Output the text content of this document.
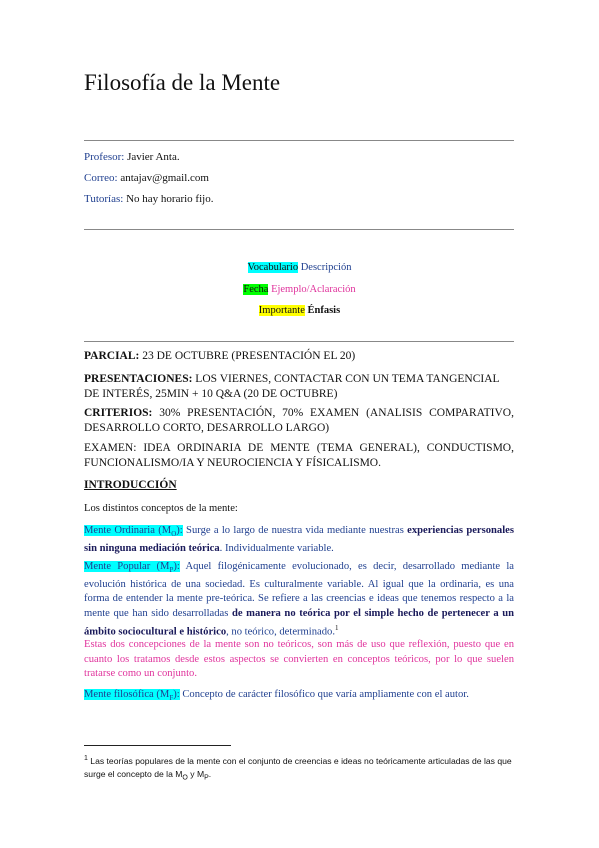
Filosofía de la Mente
Profesor: Javier Anta.
Correo: antajav@gmail.com
Tutorías: No hay horario fijo.
Vocabulario Descripción
Fecha Ejemplo/Aclaración
Importante Énfasis
PARCIAL: 23 DE OCTUBRE (PRESENTACIÓN EL 20)
PRESENTACIONES: LOS VIERNES, CONTACTAR CON UN TEMA TANGENCIAL DE INTERÉS, 25MIN + 10 Q&A (20 DE OCTUBRE)
CRITERIOS: 30% PRESENTACIÓN, 70% EXAMEN (ANALISIS COMPARATIVO, DESARROLLO CORTO, DESARROLLO LARGO)
EXAMEN: IDEA ORDINARIA DE MENTE (TEMA GENERAL), CONDUCTISMO, FUNCIONALISMO/IA Y NEUROCIENCIA Y FÍSICALISMO.
INTRODUCCIÓN
Los distintos conceptos de la mente:
Mente Ordinaria $(M_O)$: Surge a lo largo de nuestra vida mediante nuestras experiencias personales sin ninguna mediación teórica. Individualmente variable.
Mente Popular $(M_P)$: Aquel filogénicamente evolucionado, es decir, desarrollado mediante la evolución histórica de una sociedad. Es culturalmente variable. Al igual que la ordinaria, es una forma de entender la mente pre-teórica. Se refiere a las creencias e ideas que tenemos respecto a la mente que han sido desarrolladas de manera no teórica por el simple hecho de pertenecer a un ámbito sociocultural e histórico, no teórico, determinado.$^1$
Estas dos concepciones de la mente son no teóricos, son más de uso que reflexión, puesto que en cuanto los tratamos desde estos aspectos se convierten en conceptos teóricos, por lo que suelen tratarse como un conjunto.
Mente filosófica $(M_F)$: Concepto de carácter filosófico que varía ampliamente con el autor.
$^1$ Las teorías populares de la mente con el conjunto de creencias e ideas no teóricamente articuladas de las que surge el concepto de la $M_O$ y $M_P$.
